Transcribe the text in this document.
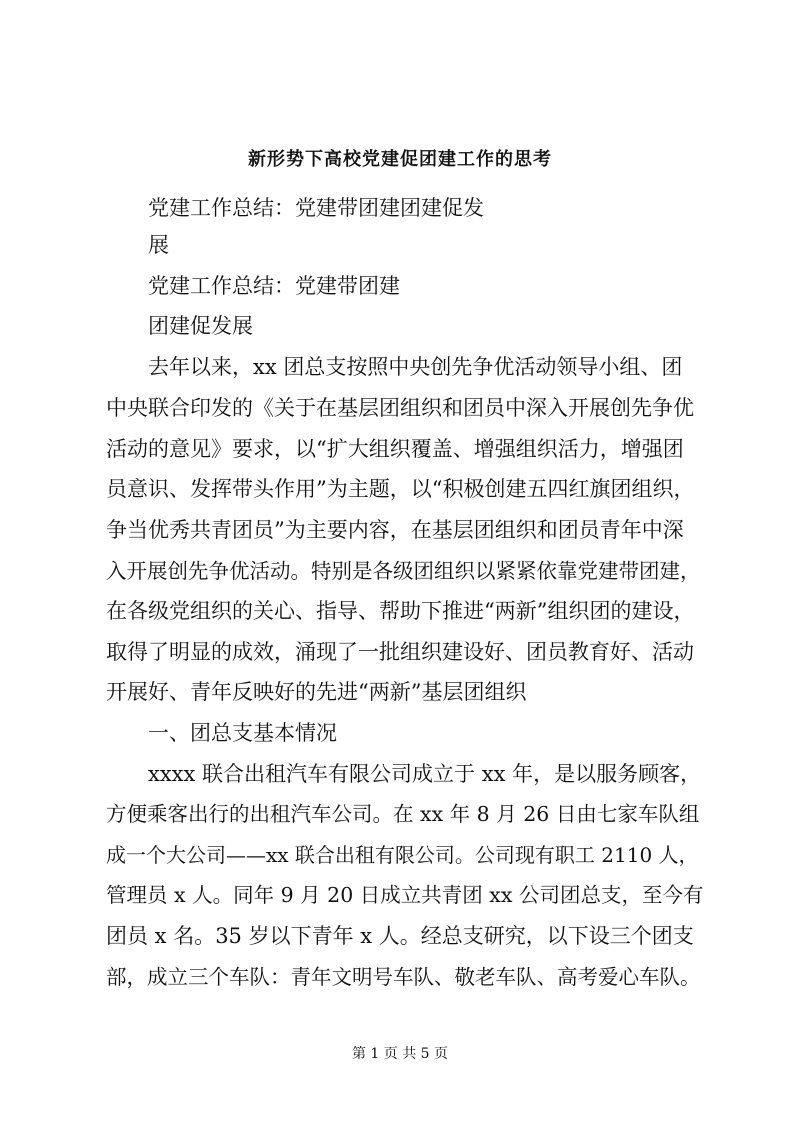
新形势下高校党建促团建工作的思考
党建工作总结：党建带团建团建促发
展
党建工作总结：党建带团建
团建促发展
去年以来，xx 团总支按照中央创先争优活动领导小组、团
中央联合印发的《关于在基层团组织和团员中深入开展创先争优
活动的意见》要求，以“扩大组织覆盖、增强组织活力，增强团
员意识、发挥带头作用”为主题，以“积极创建五四红旗团组织，
争当优秀共青团员”为主要内容，在基层团组织和团员青年中深
入开展创先争优活动。特别是各级团组织以紧紧依靠党建带团建，
在各级党组织的关心、指导、帮助下推进“两新”组织团的建设，
取得了明显的成效，涌现了一批组织建设好、团员教育好、活动
开展好、青年反映好的先进“两新”基层团组织
一、团总支基本情况
xxxx 联合出租汽车有限公司成立于 xx 年，是以服务顾客，
方便乘客出行的出租汽车公司。在 xx 年 8 月 26 日由七家车队组
成一个大公司——xx 联合出租有限公司。公司现有职工 2110 人，
管理员 x 人。同年 9 月 20 日成立共青团 xx 公司团总支，至今有
团员 x 名。35 岁以下青年 x 人。经总支研究，以下设三个团支
部，成立三个车队：青年文明号车队、敬老车队、高考爱心车队。
第 1 页 共 5 页
